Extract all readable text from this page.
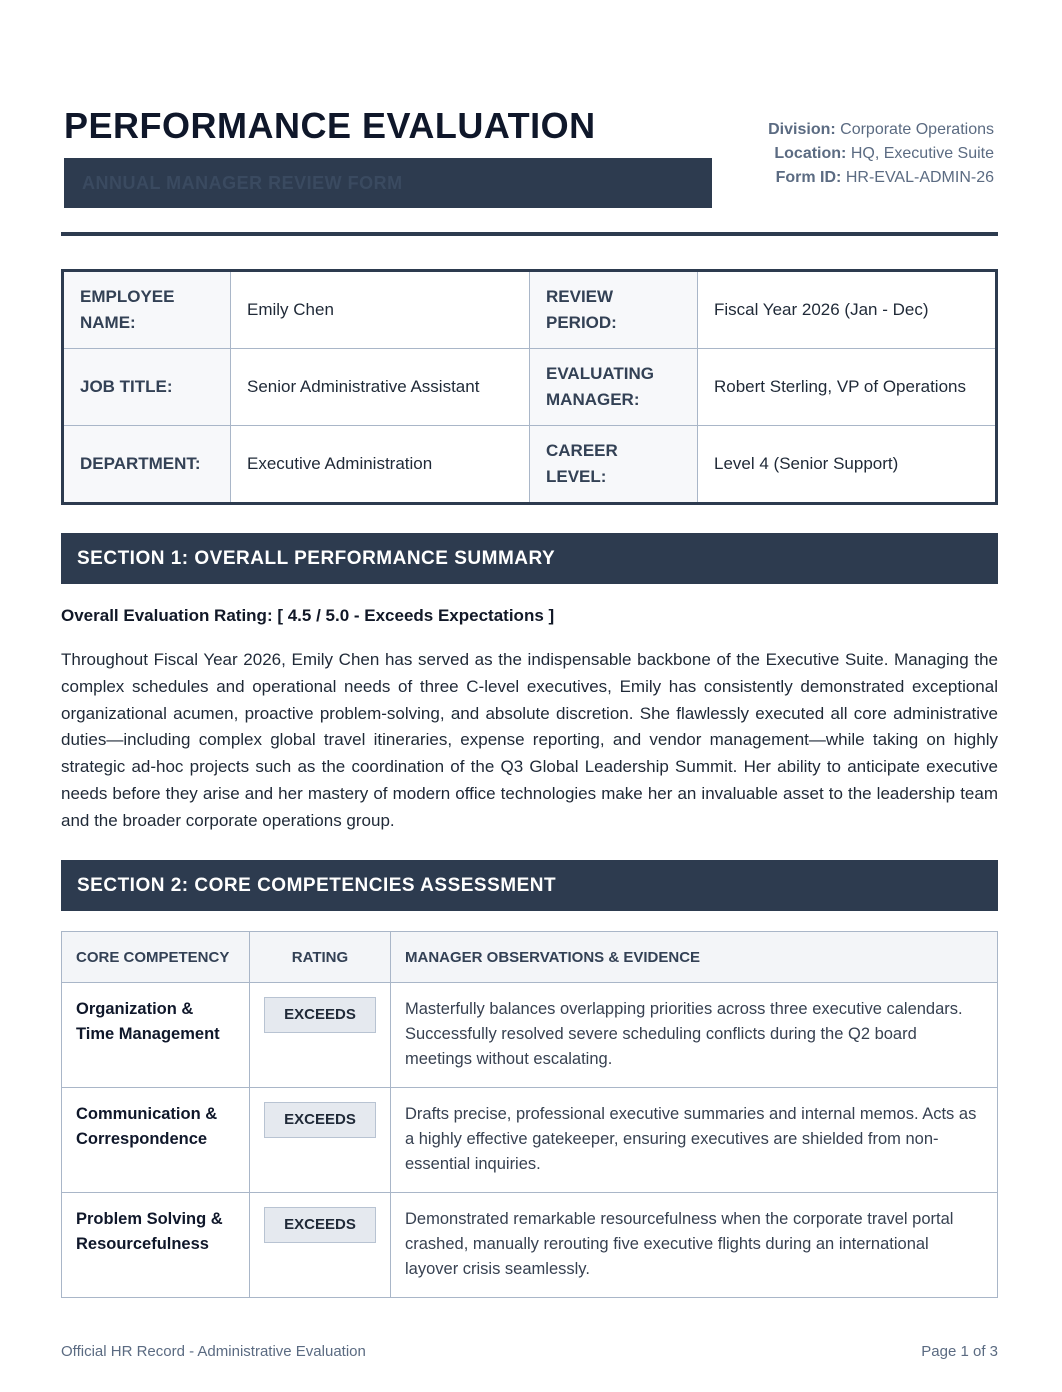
PERFORMANCE EVALUATION
ANNUAL MANAGER REVIEW FORM
Division: Corporate Operations
Location: HQ, Executive Suite
Form ID: HR-EVAL-ADMIN-26
EMPLOYEE NAME:	Emily Chen	REVIEW PERIOD:	Fiscal Year 2026 (Jan - Dec)
JOB TITLE:	Senior Administrative Assistant	EVALUATING MANAGER:	Robert Sterling, VP of Operations
DEPARTMENT:	Executive Administration	CAREER LEVEL:	Level 4 (Senior Support)
SECTION 1: OVERALL PERFORMANCE SUMMARY
Overall Evaluation Rating: [ 4.5 / 5.0 - Exceeds Expectations ]

Throughout Fiscal Year 2026, Emily Chen has served as the indispensable backbone of the Executive Suite. Managing the complex schedules and operational needs of three C-level executives, Emily has consistently demonstrated exceptional organizational acumen, proactive problem-solving, and absolute discretion. She flawlessly executed all core administrative duties—including complex global travel itineraries, expense reporting, and vendor management—while taking on highly strategic ad-hoc projects such as the coordination of the Q3 Global Leadership Summit. Her ability to anticipate executive needs before they arise and her mastery of modern office technologies make her an invaluable asset to the leadership team and the broader corporate operations group.

SECTION 2: CORE COMPETENCIES ASSESSMENT
CORE COMPETENCY	RATING	MANAGER OBSERVATIONS & EVIDENCE
Organization & Time Management	EXCEEDS	Masterfully balances overlapping priorities across three executive calendars. Successfully resolved severe scheduling conflicts during the Q2 board meetings without escalating.
Communication & Correspondence	EXCEEDS	Drafts precise, professional executive summaries and internal memos. Acts as a highly effective gatekeeper, ensuring executives are shielded from non-essential inquiries.
Problem Solving & Resourcefulness	EXCEEDS	Demonstrated remarkable resourcefulness when the corporate travel portal crashed, manually rerouting five executive flights during an international layover crisis seamlessly.
Official HR Record - Administrative Evaluation	Page 1 of 3
